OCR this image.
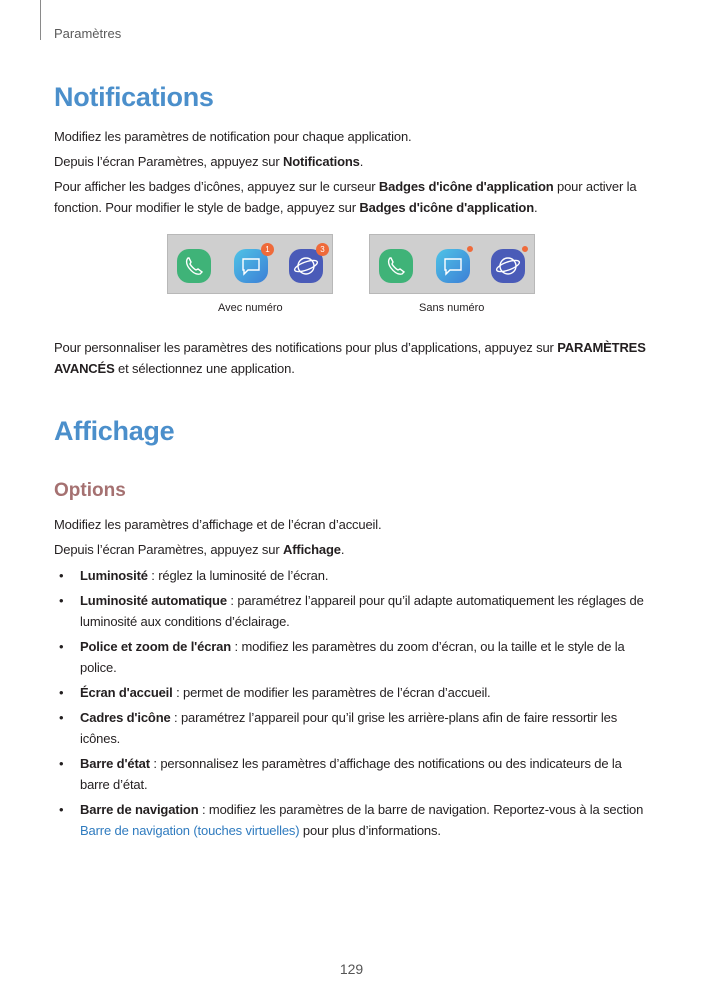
Paramètres
Notifications

Modifiez les paramètres de notification pour chaque application.

Depuis l’écran Paramètres, appuyez sur Notifications.

Pour afficher les badges d’icônes, appuyez sur le curseur Badges d'icône d'application pour activer la fonction. Pour modifier le style de badge, appuyez sur Badges d'icône d'application.

1	3
Avec numéro	Sans numéro

Pour personnaliser les paramètres des notifications pour plus d’applications, appuyez sur PARAMÈTRES AVANCÉS et sélectionnez une application.

Affichage
Options

Modifiez les paramètres d’affichage et de l’écran d’accueil.

Depuis l’écran Paramètres, appuyez sur Affichage.

• Luminosité : réglez la luminosité de l’écran.
• Luminosité automatique : paramétrez l’appareil pour qu’il adapte automatiquement les réglages de luminosité aux conditions d’éclairage.
• Police et zoom de l'écran : modifiez les paramètres du zoom d’écran, ou la taille et le style de la police.
• Écran d'accueil : permet de modifier les paramètres de l’écran d’accueil.
• Cadres d'icône : paramétrez l’appareil pour qu’il grise les arrière-plans afin de faire ressortir les icônes.
• Barre d'état : personnalisez les paramètres d’affichage des notifications ou des indicateurs de la barre d’état.
• Barre de navigation : modifiez les paramètres de la barre de navigation. Reportez-vous à la section Barre de navigation (touches virtuelles) pour plus d’informations.
129
